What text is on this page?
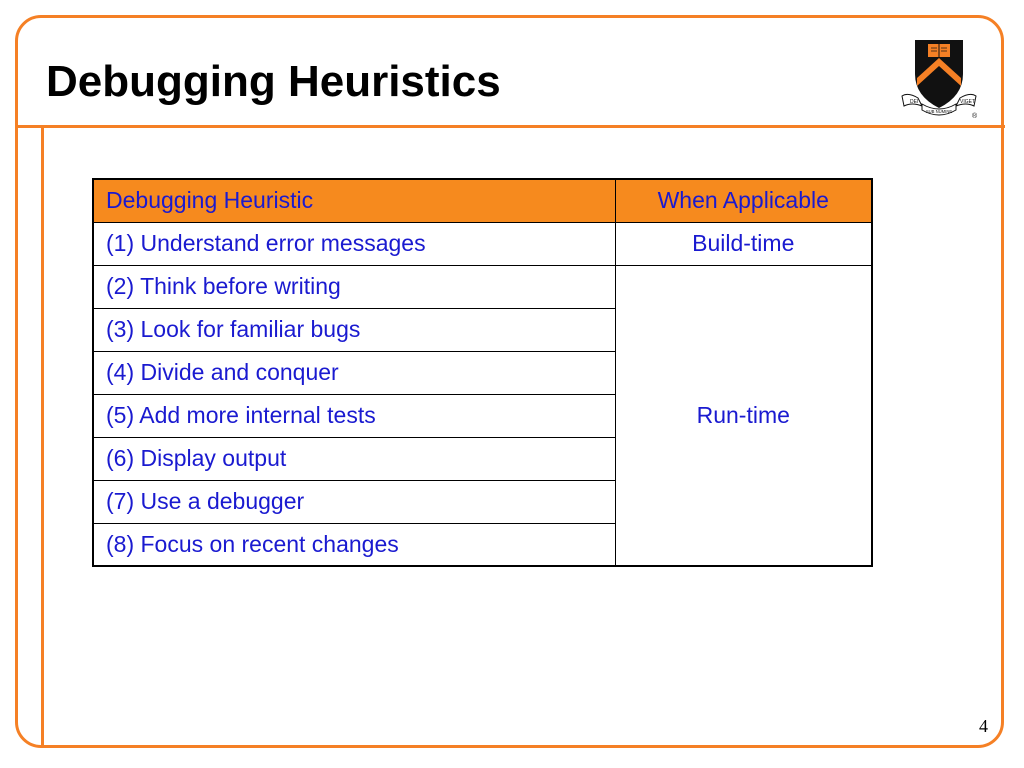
Debugging Heuristics	DEI
SUB NUMINE
VIGET
®
Debugging Heuristic	When Applicable
(1) Understand error messages	Build-time
(2) Think before writing	Run-time
(3) Look for familiar bugs	
(4) Divide and conquer	
(5) Add more internal tests	
(6) Display output	
(7) Use a debugger	
(8) Focus on recent changes	
4
